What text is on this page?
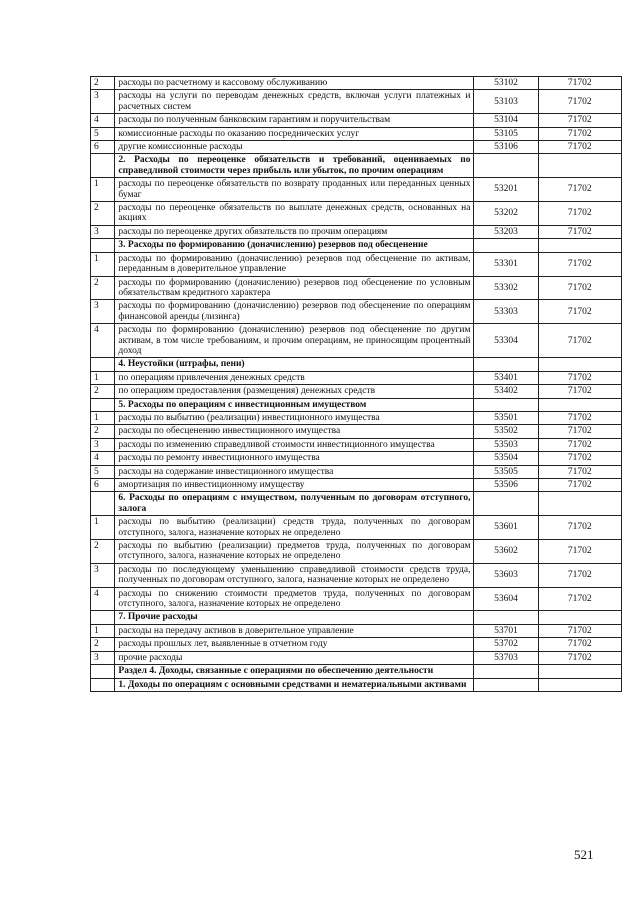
2	расходы по расчетному и кассовому обслуживанию	53102	71702
3	расходы на услуги по переводам денежных средств, включая услуги платежных и расчетных систем	53103	71702
4	расходы по полученным банковским гарантиям и поручительствам	53104	71702
5	комиссионные расходы по оказанию посреднических услуг	53105	71702
6	другие комиссионные расходы	53106	71702
	2. Расходы по переоценке обязательств и требований, оцениваемых по справедливой стоимости через прибыль или убыток, по прочим операциям		
1	расходы по переоценке обязательств по возврату проданных или переданных ценных бумаг	53201	71702
2	расходы по переоценке обязательств по выплате денежных средств, основанных на акциях	53202	71702
3	расходы по переоценке других обязательств по прочим операциям	53203	71702
	3. Расходы по формированию (доначислению) резервов под обесценение		
1	расходы по формированию (доначислению) резервов под обесценение по активам, переданным в доверительное управление	53301	71702
2	расходы по формированию (доначислению) резервов под обесценение по условным обязательствам кредитного характера	53302	71702
3	расходы по формированию (доначислению) резервов под обесценение по операциям финансовой аренды (лизинга)	53303	71702
4	расходы по формированию (доначислению) резервов под обесценение по другим активам, в том числе требованиям, и прочим операциям, не приносящим процентный доход	53304	71702
	4. Неустойки (штрафы, пени)		
1	по операциям привлечения денежных средств	53401	71702
2	по операциям предоставления (размещения) денежных средств	53402	71702
	5. Расходы по операциям с инвестиционным имуществом		
1	расходы по выбытию (реализации) инвестиционного имущества	53501	71702
2	расходы по обесценению инвестиционного имущества	53502	71702
3	расходы по изменению справедливой стоимости инвестиционного имущества	53503	71702
4	расходы по ремонту инвестиционного имущества	53504	71702
5	расходы на содержание инвестиционного имущества	53505	71702
6	амортизация по инвестиционному имуществу	53506	71702
	6. Расходы по операциям с имуществом, полученным по договорам отступного, залога		
1	расходы по выбытию (реализации) средств труда, полученных по договорам отступного, залога, назначение которых не определено	53601	71702
2	расходы по выбытию (реализации) предметов труда, полученных по договорам отступного, залога, назначение которых не определено	53602	71702
3	расходы по последующему уменьшению справедливой стоимости средств труда, полученных по договорам отступного, залога, назначение которых не определено	53603	71702
4	расходы по снижению стоимости предметов труда, полученных по договорам отступного, залога, назначение которых не определено	53604	71702
	7. Прочие расходы		
1	расходы на передачу активов в доверительное управление	53701	71702
2	расходы прошлых лет, выявленные в отчетном году	53702	71702
3	прочие расходы	53703	71702
	Раздел 4. Доходы, связанные с операциями по обеспечению деятельности		
	1. Доходы по операциям с основными средствами и нематериальными активами		
521
